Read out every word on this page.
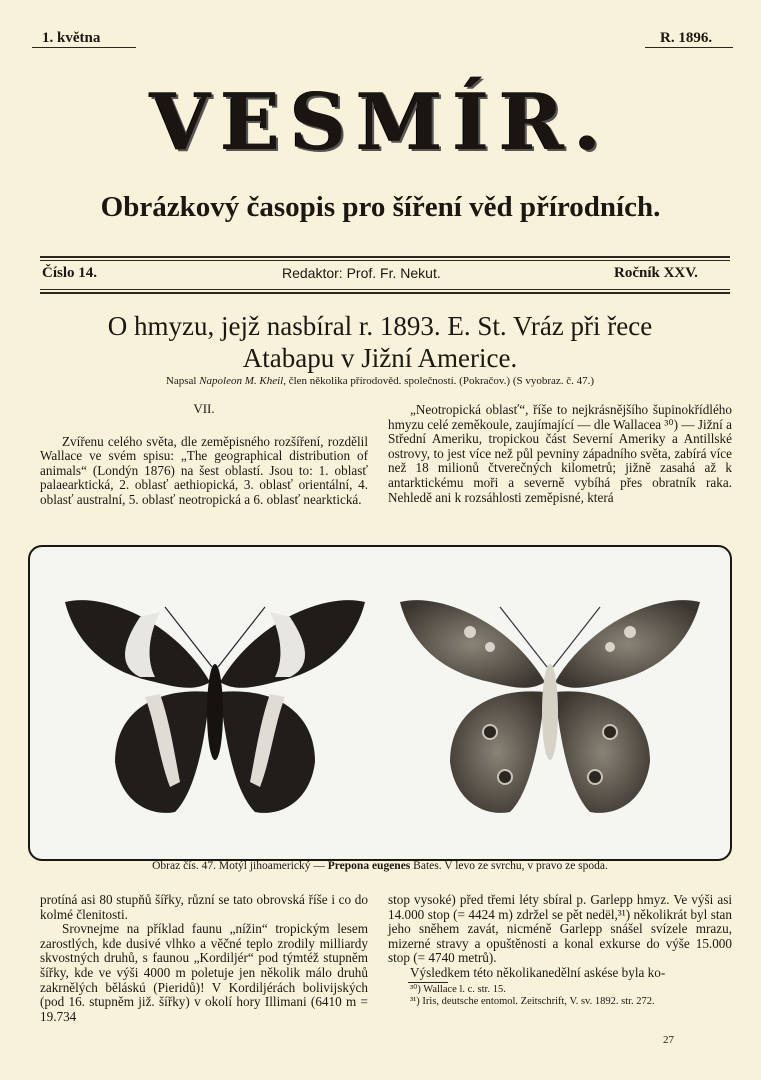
1. května	R. 1896.
VESMÍR.
Obrázkový časopis pro šíření věd přírodních.
Číslo 14.	Redaktor: Prof. Fr. Nekut.	Ročník XXV.
O hmyzu, jejž nasbíral r. 1893. E. St. Vráz při řece
Atabapu v Jižní Americe.
Napsal Napoleon M. Kheil, člen několika přírodověd. společností. (Pokračov.) (S vyobraz. č. 47.)

VII.

Zvířenu celého světa, dle zeměpisného rozšíření, rozdělil Wallace ve svém spisu: „The geographical distribution of animals“ (Londýn 1876) na šest oblastí. Jsou to: 1. oblasť palaearktická, 2. oblasť aethiopická, 3. oblasť orientální, 4. oblasť australní, 5. oblasť neotropická a 6. oblasť nearktická.

„Neotropická oblasť“, říše to nejkrásnějšího šupinokřídlého hmyzu celé zeměkoule, zaujímající — dle Wallacea ³⁰) — Jižní a Střední Ameriku, tropickou část Severní Ameriky a Antillské ostrovy, to jest více než půl pevniny západního světa, zabírá více než 18 milionů čtverečných kilometrů; jižně zasahá až k antarktickému moři a severně vybíhá přes obratník raka. Nehledě ani k rozsáhlosti zeměpisné, která

Obraz čís. 47. Motýl jihoamerický — Prepona eugenes Bates. V levo ze svrchu, v pravo ze spoda.

protíná asi 80 stupňů šířky, různí se tato obrovská říše i co do kolmé členitosti.

Srovnejme na příklad faunu „nížin“ tropickým lesem zarostlých, kde dusivé vlhko a věčné teplo zrodily milliardy skvostných druhů, s faunou „Kordiljér“ pod týmtéž stupněm šířky, kde ve výši 4000 m poletuje jen několik málo druhů zakrnělých běláskú (Pieridů)! V Kordiljérách bolivijských (pod 16. stupněm již. šířky) v okolí hory Illimani (6410 m = 19.734

stop vysoké) před třemi léty sbíral p. Garlepp hmyz. Ve výši asi 14.000 stop (= 4424 m) zdržel se pět nedël,³¹) několikrát byl stan jeho sněhem zavát, nicméně Garlepp snášel svízele mrazu, mizerné stravy a opuštěnosti a konal exkurse do výše 15.000 stop (= 4740 metrů).

Výsledkem této několikanedělní askése byla ko-

³⁰) Wallace l. c. str. 15.

³¹) Iris, deutsche entomol. Zeitschrift, V. sv. 1892. str. 272.

27
